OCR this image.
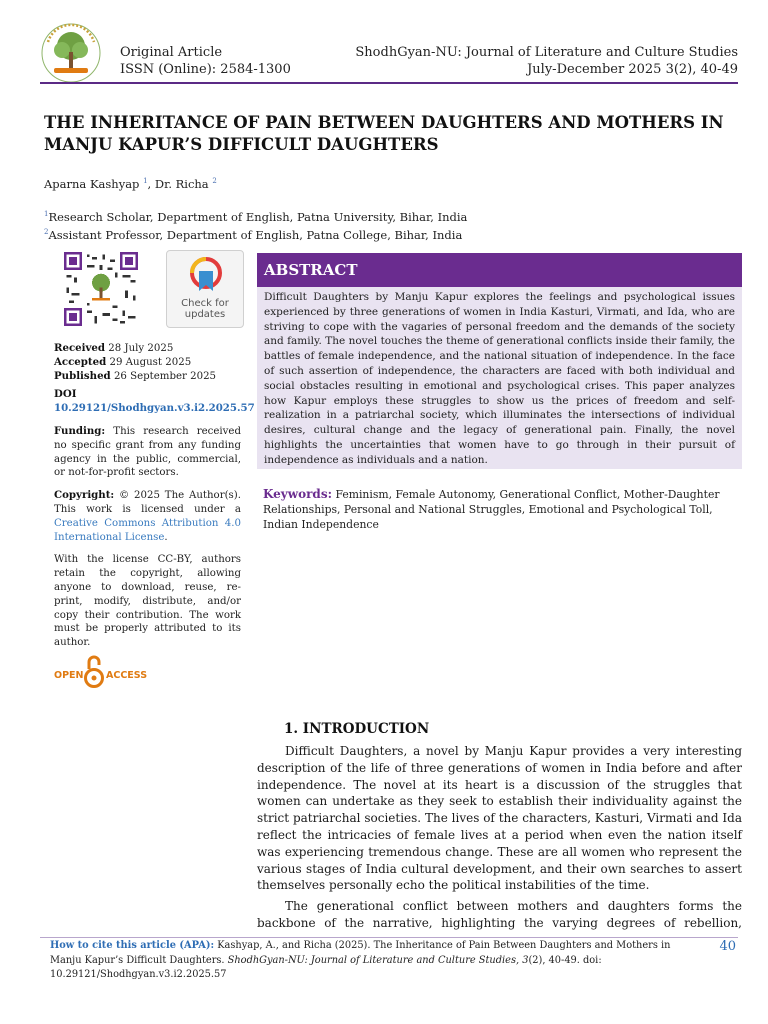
Original Article
ISSN (Online): 2584-1300
ShodhGyan-NU: Journal of Literature and Culture Studies
July-December 2025 3(2), 40-49
THE INHERITANCE OF PAIN BETWEEN DAUGHTERS AND MOTHERS IN MANJU KAPUR’S DIFFICULT DAUGHTERS
Aparna Kashyap $^1$, Dr. Richa $^2$
$^1$Research Scholar, Department of English, Patna University, Bihar, India
$^2$Assistant Professor, Department of English, Patna College, Bihar, India
Check for
updates
Received 28 July 2025
Accepted 29 August 2025
Published 26 September 2025
DOI
10.29121/Shodhgyan.v3.i2.2025.57
Funding: This research received no specific grant from any funding agency in the public, commercial, or not-for-profit sectors.
Copyright: © 2025 The Author(s). This work is licensed under a Creative Commons Attribution 4.0 International License.
With the license CC-BY, authors retain the copyright, allowing anyone to download, reuse, re-print, modify, distribute, and/or copy their contribution. The work must be properly attributed to its author.
OPEN ACCESS
ABSTRACT
Difficult Daughters by Manju Kapur explores the feelings and psychological issues experienced by three generations of women in India Kasturi, Virmati, and Ida, who are striving to cope with the vagaries of personal freedom and the demands of the society and family. The novel touches the theme of generational conflicts inside their family, the battles of female independence, and the national situation of independence. In the face of such assertion of independence, the characters are faced with both individual and social obstacles resulting in emotional and psychological crises. This paper analyzes how Kapur employs these struggles to show us the prices of freedom and self-realization in a patriarchal society, which illuminates the intersections of individual desires, cultural change and the legacy of generational pain. Finally, the novel highlights the uncertainties that women have to go through in their pursuit of independence as individuals and a nation.
Keywords: Feminism, Female Autonomy, Generational Conflict, Mother-Daughter Relationships, Personal and National Struggles, Emotional and Psychological Toll, Indian Independence
1. INTRODUCTION
Difficult Daughters, a novel by Manju Kapur provides a very interesting description of the life of three generations of women in India before and after independence. The novel at its heart is a discussion of the struggles that women can undertake as they seek to establish their individuality against the strict patriarchal societies. The lives of the characters, Kasturi, Virmati and Ida reflect the intricacies of female lives at a period when even the nation itself was experiencing tremendous change. These are all women who represent the various stages of India cultural development, and their own searches to assert themselves personally echo the political instabilities of the time.
The generational conflict between mothers and daughters forms the backbone of the narrative, highlighting the varying degrees of rebellion,
How to cite this article (APA): Kashyap, A., and Richa (2025). The Inheritance of Pain Between Daughters and Mothers in Manju Kapur’s Difficult Daughters. ShodhGyan-NU: Journal of Literature and Culture Studies, 3(2), 40-49. doi: 10.29121/Shodhgyan.v3.i2.2025.57
40
